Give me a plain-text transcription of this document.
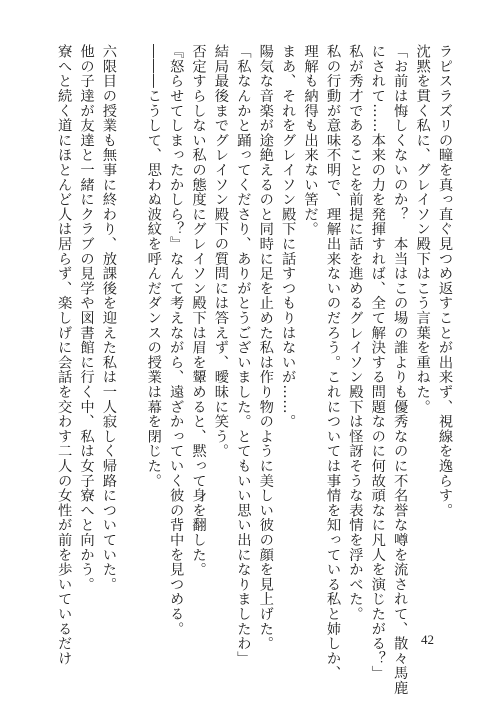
ラピスラズリの瞳を真っ直ぐ見つめ返すことが出来ず、視線を逸らす。

沈黙を貫く私に、グレイソン殿下はこう言葉を重ねた。

「お前は悔しくないのか？　本当はこの場の誰よりも優秀なのに不名誉な噂を流されて、散々馬鹿

にされて……本来の力を発揮すれば、全て解決する問題なのに何故頑なに凡人を演じたがる？」

私が秀才であることを前提に話を進めるグレイソン殿下は怪訝そうな表情を浮かべた。

私の行動が意味不明で、理解出来ないのだろう。これについては事情を知っている私と姉しか、

理解も納得も出来ない筈だ。

まあ、それをグレイソン殿下に話すつもりはないが……。

陽気な音楽が途絶えるのと同時に足を止めた私は作り物のように美しい彼の顔を見上げた。

「私なんかと踊ってくださり、ありがとうございました。とてもいい思い出になりましたわ」

結局最後までグレイソン殿下の質問には答えず、曖昧に笑う。

否定すらしない私の態度にグレイソン殿下は眉を顰めると、黙って身を翻した。

『怒らせてしまったかしら？』なんて考えながら、遠ざかっていく彼の背中を見つめる。

―――こうして、思わぬ波紋を呼んだダンスの授業は幕を閉じた。

六限目の授業も無事に終わり、放課後を迎えた私は一人寂しく帰路についていた。

他の子達が友達と一緒にクラブの見学や図書館に行く中、私は女子寮へと向かう。

寮へと続く道にほとんど人は居らず、楽しげに会話を交わす二人の女性が前を歩いているだけ	42
